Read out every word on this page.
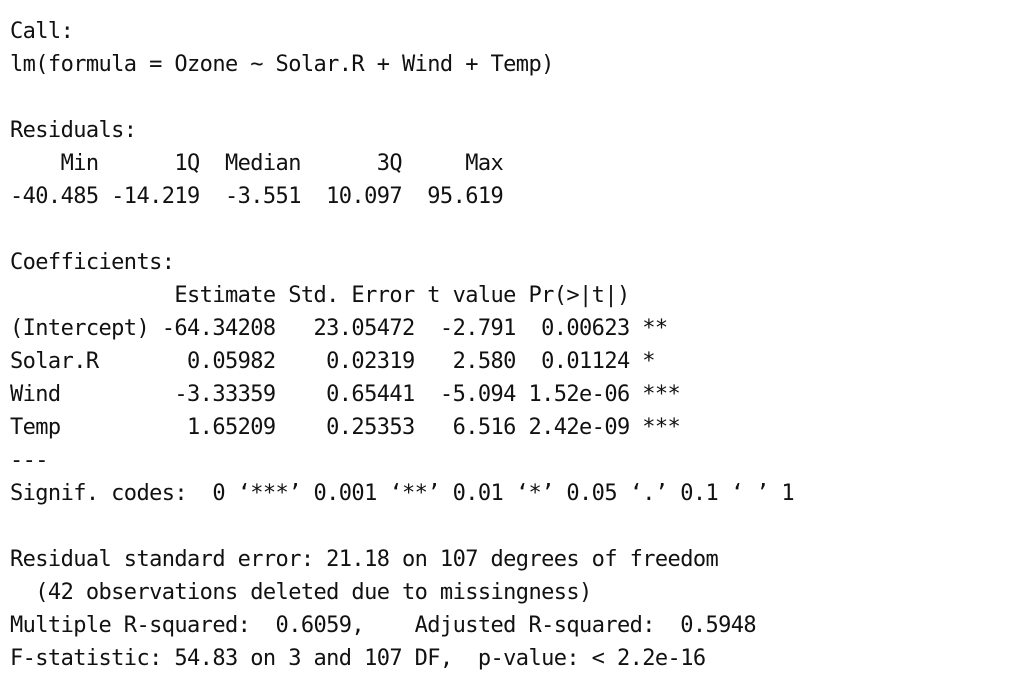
Call:
lm(formula = Ozone ~ Solar.R + Wind + Temp)
Residuals:
Min      1Q  Median      3Q     Max
-40.485 -14.219  -3.551  10.097  95.619
Coefficients:
Estimate Std. Error t value Pr(>|t|)
(Intercept) -64.34208   23.05472  -2.791  0.00623 **
Solar.R       0.05982    0.02319   2.580  0.01124 *
Wind         -3.33359    0.65441  -5.094 1.52e-06 ***
Temp          1.65209    0.25353   6.516 2.42e-09 ***
---
Signif. codes:  0 ‘***’ 0.001 ‘**’ 0.01 ‘*’ 0.05 ‘.’ 0.1 ‘ ’ 1
Residual standard error: 21.18 on 107 degrees of freedom
(42 observations deleted due to missingness)
Multiple R-squared:  0.6059,	Adjusted R-squared:  0.5948
F-statistic: 54.83 on 3 and 107 DF,  p-value: < 2.2e-16
